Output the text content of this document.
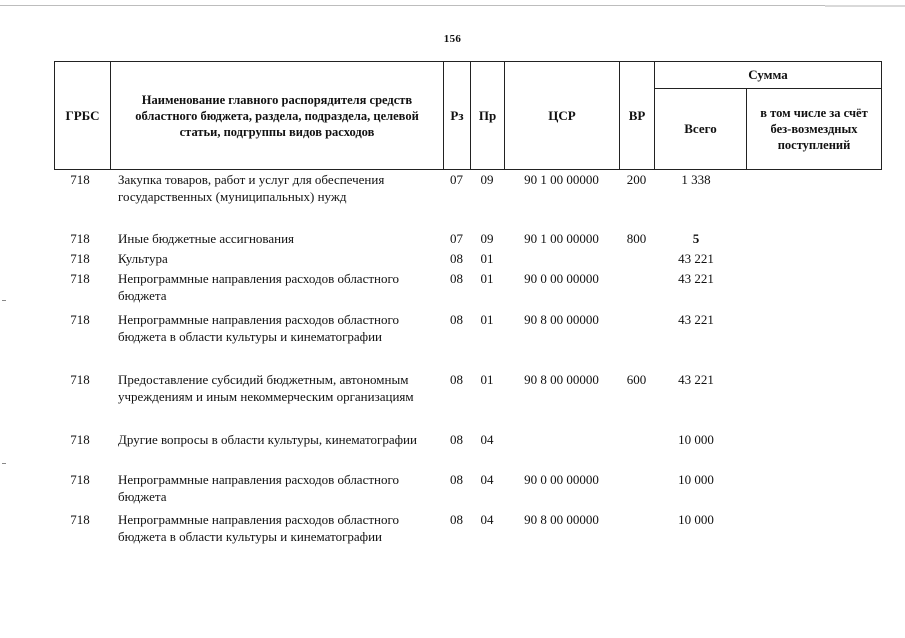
156
ГРБС	Наименование главного распорядителя средств областного бюджета, раздела, подраздела, целевой статьи, подгруппы видов расходов	Рз	Пр	ЦСР	ВР	Сумма	
						Всего	в том числе за счёт без-возмездных поступлений
718	Закупка товаров, работ и услуг для обеспечения государственных (муниципальных) нужд	07	09	90 1 00 00000	200	1 338	
718	Иные бюджетные ассигнования	07	09	90 1 00 00000	800	5	
718	Культура	08	01			43 221	
718	Непрограммные направления расходов областного бюджета	08	01	90 0 00 00000		43 221	
718	Непрограммные направления расходов областного бюджета в области культуры и кинематографии	08	01	90 8 00 00000		43 221	
718	Предоставление субсидий бюджетным, автономным учреждениям и иным некоммерческим организациям	08	01	90 8 00 00000	600	43 221	
718	Другие вопросы в области культуры, кинематографии	08	04			10 000	
718	Непрограммные направления расходов областного бюджета	08	04	90 0 00 00000		10 000	
718	Непрограммные направления расходов областного бюджета в области культуры и кинематографии	08	04	90 8 00 00000		10 000	
